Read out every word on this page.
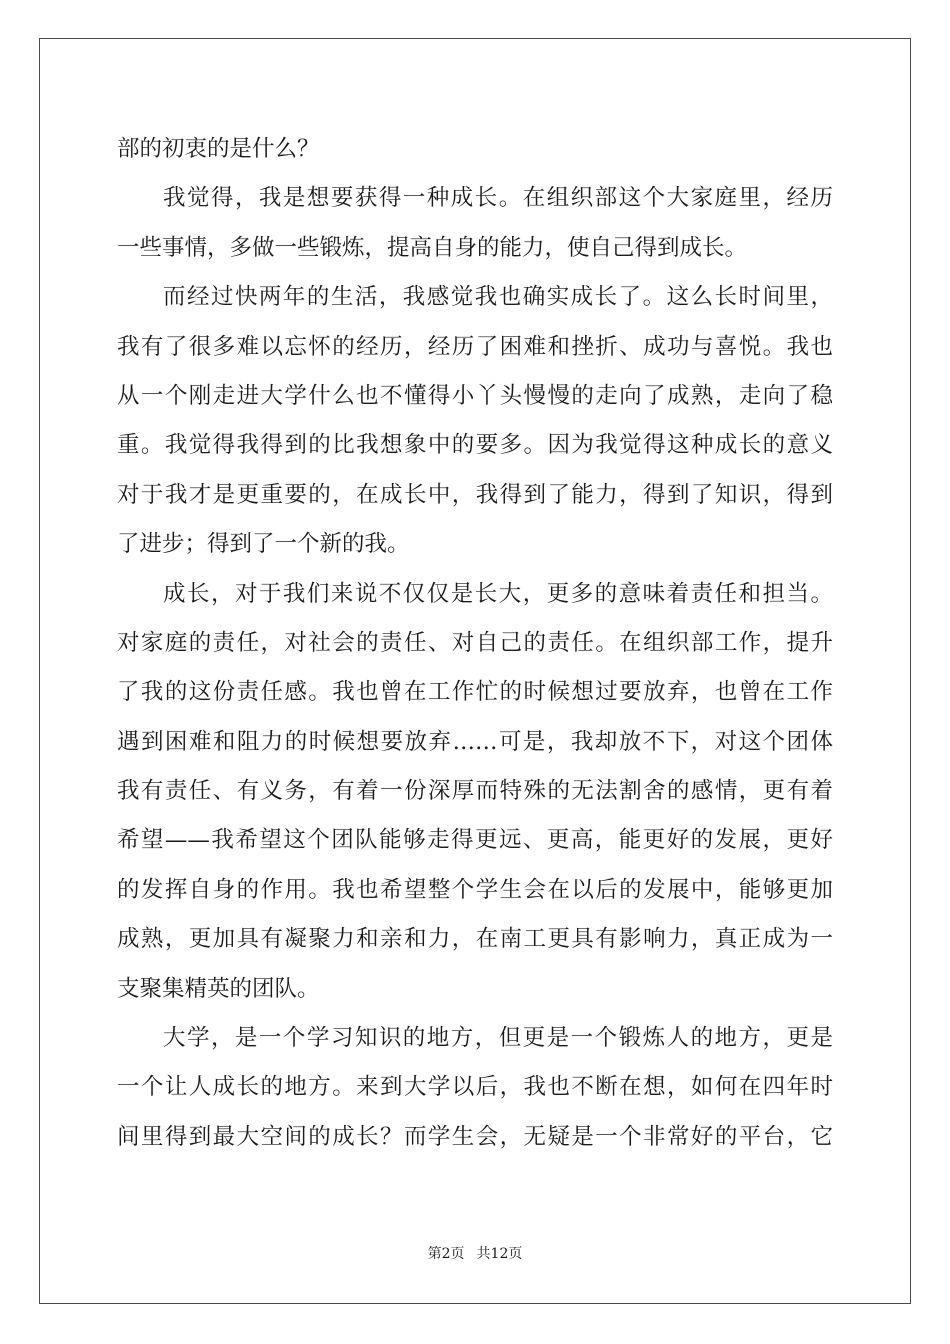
部的初衷的是什么？
我觉得，我是想要获得一种成长。在组织部这个大家庭里，经历
一些事情，多做一些锻炼，提高自身的能力，使自己得到成长。
而经过快两年的生活，我感觉我也确实成长了。这么长时间里，
我有了很多难以忘怀的经历，经历了困难和挫折、成功与喜悦。我也
从一个刚走进大学什么也不懂得小丫头慢慢的走向了成熟，走向了稳
重。我觉得我得到的比我想象中的要多。因为我觉得这种成长的意义
对于我才是更重要的，在成长中，我得到了能力，得到了知识，得到
了进步；得到了一个新的我。
成长，对于我们来说不仅仅是长大，更多的意味着责任和担当。
对家庭的责任，对社会的责任、对自己的责任。在组织部工作，提升
了我的这份责任感。我也曾在工作忙的时候想过要放弃，也曾在工作
遇到困难和阻力的时候想要放弃……可是，我却放不下，对这个团体
我有责任、有义务，有着一份深厚而特殊的无法割舍的感情，更有着
希望——我希望这个团队能够走得更远、更高，能更好的发展，更好
的发挥自身的作用。我也希望整个学生会在以后的发展中，能够更加
成熟，更加具有凝聚力和亲和力，在南工更具有影响力，真正成为一
支聚集精英的团队。
大学，是一个学习知识的地方，但更是一个锻炼人的地方，更是
一个让人成长的地方。来到大学以后，我也不断在想，如何在四年时
间里得到最大空间的成长？而学生会，无疑是一个非常好的平台，它
第2页 共12页
